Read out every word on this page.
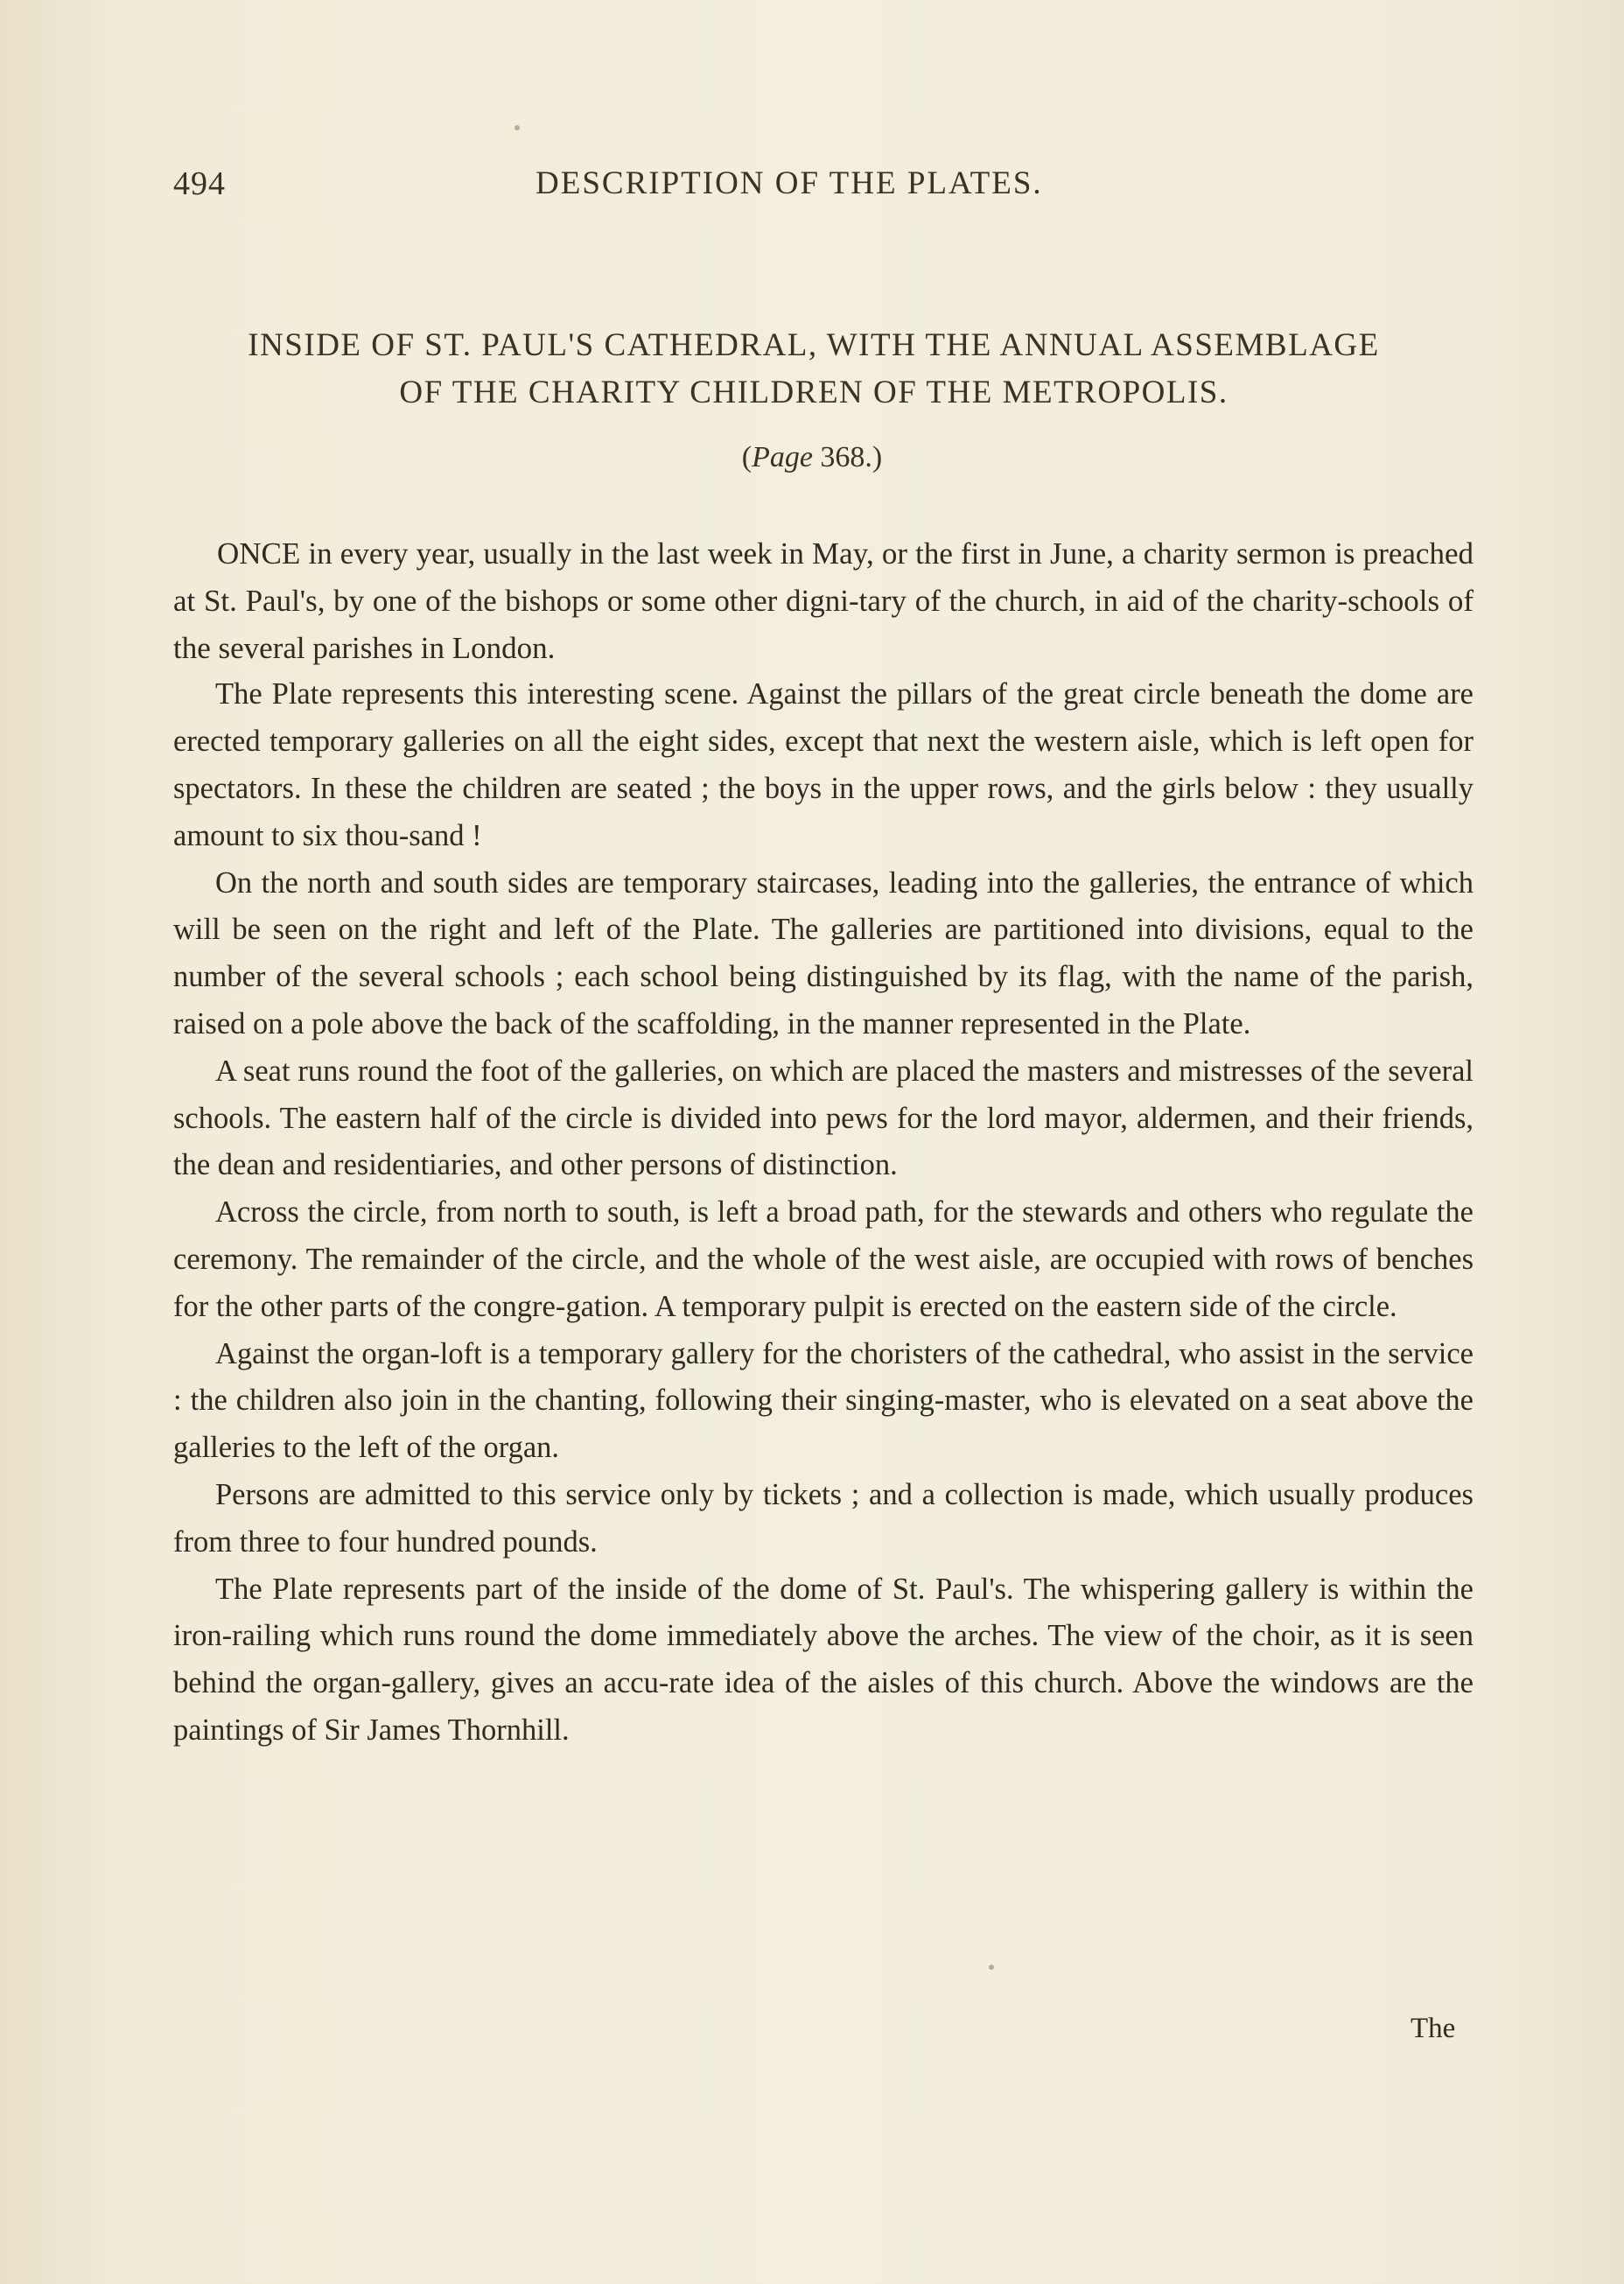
494	DESCRIPTION OF THE PLATES.
INSIDE OF ST. PAUL'S CATHEDRAL, WITH THE ANNUAL ASSEMBLAGE
OF THE CHARITY CHILDREN OF THE METROPOLIS.
(Page 368.)

ONCE in every year, usually in the last week in May, or the first in June, a charity sermon is preached at St. Paul's, by one of the bishops or some other digni-tary of the church, in aid of the charity-schools of the several parishes in London.

The Plate represents this interesting scene. Against the pillars of the great circle beneath the dome are erected temporary galleries on all the eight sides, except that next the western aisle, which is left open for spectators. In these the children are seated ; the boys in the upper rows, and the girls below : they usually amount to six thou-sand !

On the north and south sides are temporary staircases, leading into the galleries, the entrance of which will be seen on the right and left of the Plate. The galleries are partitioned into divisions, equal to the number of the several schools ; each school being distinguished by its flag, with the name of the parish, raised on a pole above the back of the scaffolding, in the manner represented in the Plate.

A seat runs round the foot of the galleries, on which are placed the masters and mistresses of the several schools. The eastern half of the circle is divided into pews for the lord mayor, aldermen, and their friends, the dean and residentiaries, and other persons of distinction.

Across the circle, from north to south, is left a broad path, for the stewards and others who regulate the ceremony. The remainder of the circle, and the whole of the west aisle, are occupied with rows of benches for the other parts of the congre-gation. A temporary pulpit is erected on the eastern side of the circle.

Against the organ-loft is a temporary gallery for the choristers of the cathedral, who assist in the service : the children also join in the chanting, following their singing-master, who is elevated on a seat above the galleries to the left of the organ.

Persons are admitted to this service only by tickets ; and a collection is made, which usually produces from three to four hundred pounds.

The Plate represents part of the inside of the dome of St. Paul's. The whispering gallery is within the iron-railing which runs round the dome immediately above the arches. The view of the choir, as it is seen behind the organ-gallery, gives an accu-rate idea of the aisles of this church. Above the windows are the paintings of Sir James Thornhill.

The
